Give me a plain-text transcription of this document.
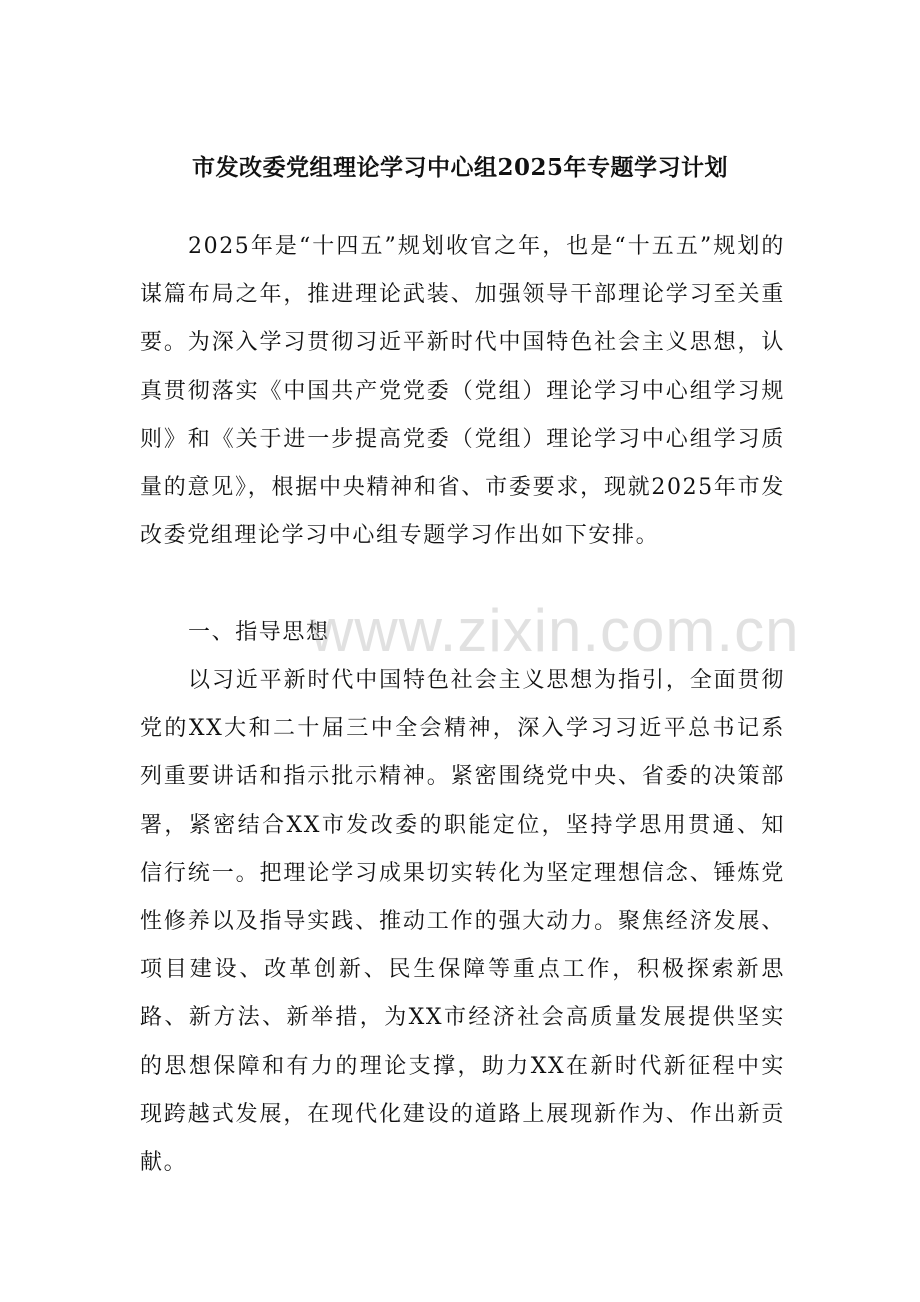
市发改委党组理论学习中心组2025年专题学习计划

2025年是“十四五”规划收官之年，也是“十五五”规划的谋篇布局之年，推进理论武装、加强领导干部理论学习至关重要。为深入学习贯彻习近平新时代中国特色社会主义思想，认真贯彻落实《中国共产党党委（党组）理论学习中心组学习规则》和《关于进一步提高党委（党组）理论学习中心组学习质量的意见》，根据中央精神和省、市委要求，现就2025年市发改委党组理论学习中心组专题学习作出如下安排。

一、指导思想

以习近平新时代中国特色社会主义思想为指引，全面贯彻党的XX大和二十届三中全会精神，深入学习习近平总书记系列重要讲话和指示批示精神。紧密围绕党中央、省委的决策部署，紧密结合XX市发改委的职能定位，坚持学思用贯通、知信行统一。把理论学习成果切实转化为坚定理想信念、锤炼党性修养以及指导实践、推动工作的强大动力。聚焦经济发展、项目建设、改革创新、民生保障等重点工作，积极探索新思路、新方法、新举措，为XX市经济社会高质量发展提供坚实的思想保障和有力的理论支撑，助力XX在新时代新征程中实现跨越式发展，在现代化建设的道路上展现新作为、作出新贡献。

www.zixin.com.cn
